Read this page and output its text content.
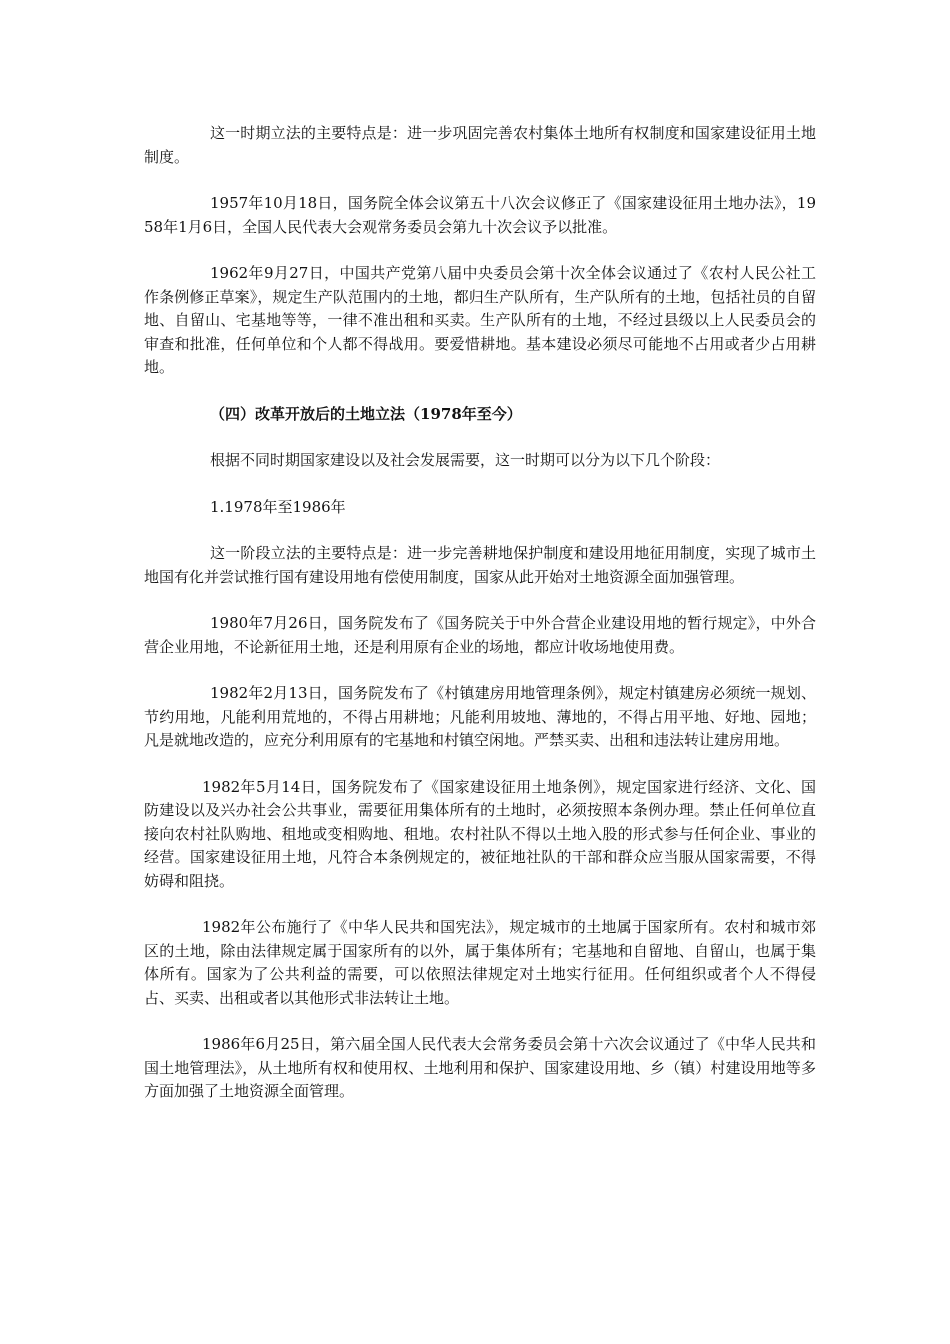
这一时期立法的主要特点是：进一步巩固完善农村集体土地所有权制度和国家建设征用土地制度。

1957年10月18日，国务院全体会议第五十八次会议修正了《国家建设征用土地办法》，1958年1月6日，全国人民代表大会观常务委员会第九十次会议予以批准。

1962年9月27日，中国共产党第八届中央委员会第十次全体会议通过了《农村人民公社工作条例修正草案》，规定生产队范围内的土地，都归生产队所有，生产队所有的土地，包括社员的自留地、自留山、宅基地等等，一律不准出租和买卖。生产队所有的土地，不经过县级以上人民委员会的审查和批准，任何单位和个人都不得战用。要爱惜耕地。基本建设必须尽可能地不占用或者少占用耕地。

（四）改革开放后的土地立法（1978年至今）

根据不同时期国家建设以及社会发展需要，这一时期可以分为以下几个阶段：

1.1978年至1986年

这一阶段立法的主要特点是：进一步完善耕地保护制度和建设用地征用制度，实现了城市土地国有化并尝试推行国有建设用地有偿使用制度，国家从此开始对土地资源全面加强管理。

1980年7月26日，国务院发布了《国务院关于中外合营企业建设用地的暂行规定》，中外合营企业用地，不论新征用土地，还是利用原有企业的场地，都应计收场地使用费。

1982年2月13日，国务院发布了《村镇建房用地管理条例》，规定村镇建房必须统一规划、节约用地，凡能利用荒地的，不得占用耕地；凡能利用坡地、薄地的，不得占用平地、好地、园地；凡是就地改造的，应充分利用原有的宅基地和村镇空闲地。严禁买卖、出租和违法转让建房用地。

1982年5月14日，国务院发布了《国家建设征用土地条例》，规定国家进行经济、文化、国防建设以及兴办社会公共事业，需要征用集体所有的土地时，必须按照本条例办理。禁止任何单位直接向农村社队购地、租地或变相购地、租地。农村社队不得以土地入股的形式参与任何企业、事业的经营。国家建设征用土地，凡符合本条例规定的，被征地社队的干部和群众应当服从国家需要，不得妨碍和阻挠。

1982年公布施行了《中华人民共和国宪法》，规定城市的土地属于国家所有。农村和城市郊区的土地，除由法律规定属于国家所有的以外，属于集体所有；宅基地和自留地、自留山，也属于集体所有。国家为了公共利益的需要，可以依照法律规定对土地实行征用。任何组织或者个人不得侵占、买卖、出租或者以其他形式非法转让土地。

1986年6月25日，第六届全国人民代表大会常务委员会第十六次会议通过了《中华人民共和国土地管理法》，从土地所有权和使用权、土地利用和保护、国家建设用地、乡（镇）村建设用地等多方面加强了土地资源全面管理。
